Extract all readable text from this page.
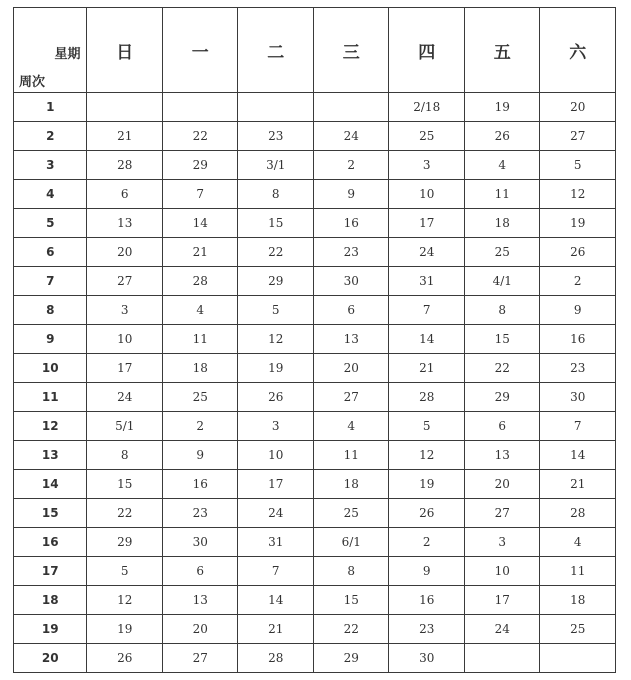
星期
周次	日	一	二	三	四	五	六
1					2/18	19	20
2	21	22	23	24	25	26	27
3	28	29	3/1	2	3	4	5
4	6	7	8	9	10	11	12
5	13	14	15	16	17	18	19
6	20	21	22	23	24	25	26
7	27	28	29	30	31	4/1	2
8	3	4	5	6	7	8	9
9	10	11	12	13	14	15	16
10	17	18	19	20	21	22	23
11	24	25	26	27	28	29	30
12	5/1	2	3	4	5	6	7
13	8	9	10	11	12	13	14
14	15	16	17	18	19	20	21
15	22	23	24	25	26	27	28
16	29	30	31	6/1	2	3	4
17	5	6	7	8	9	10	11
18	12	13	14	15	16	17	18
19	19	20	21	22	23	24	25
20	26	27	28	29	30		
